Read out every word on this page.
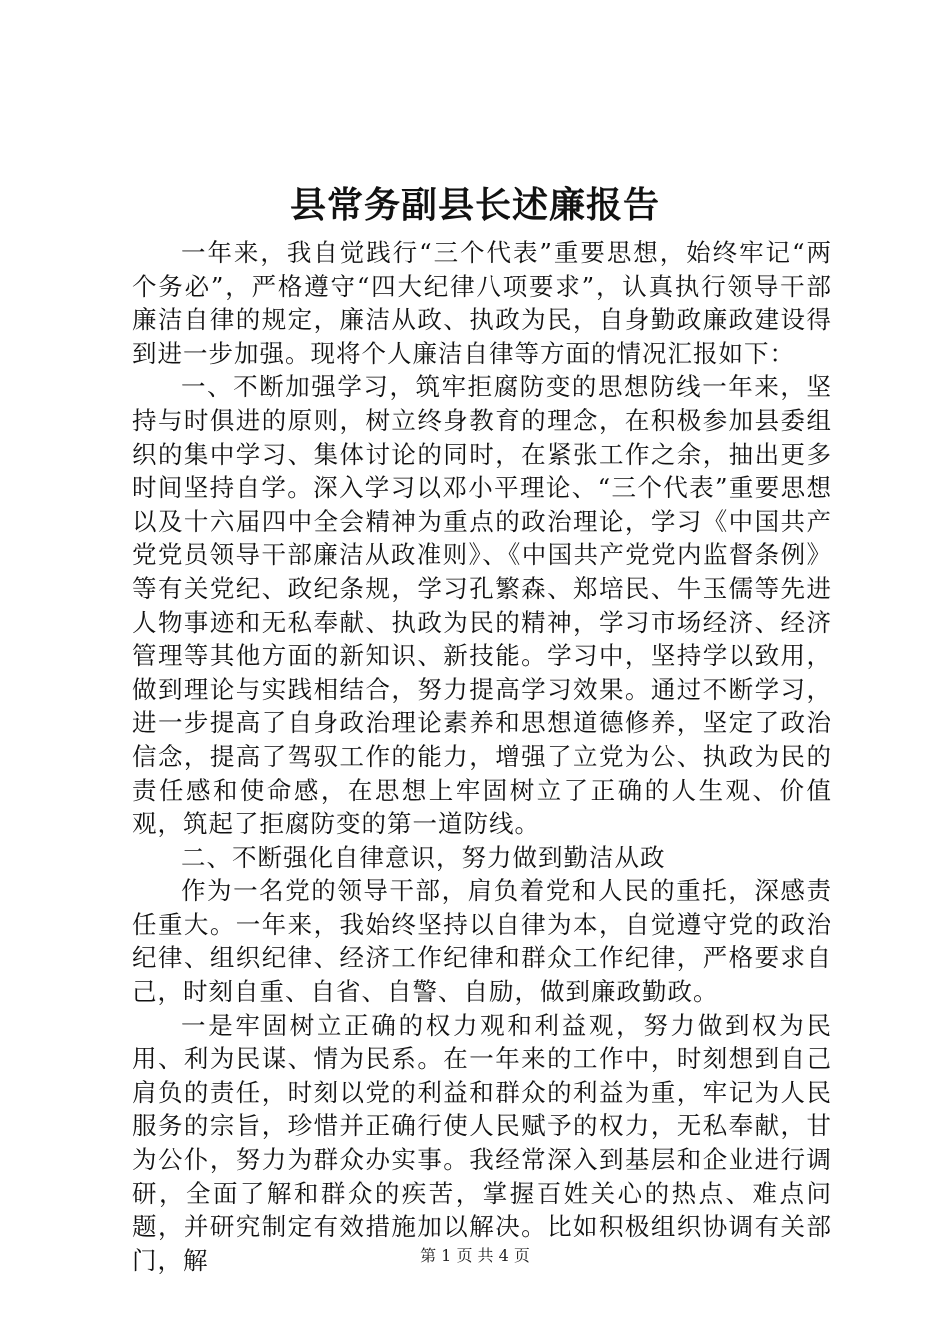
县常务副县长述廉报告

一年来，我自觉践行“三个代表”重要思想，始终牢记“两个务必”，严格遵守“四大纪律八项要求”，认真执行领导干部廉洁自律的规定，廉洁从政、执政为民，自身勤政廉政建设得到进一步加强。现将个人廉洁自律等方面的情况汇报如下：

一、不断加强学习，筑牢拒腐防变的思想防线一年来，坚持与时俱进的原则，树立终身教育的理念，在积极参加县委组织的集中学习、集体讨论的同时，在紧张工作之余，抽出更多时间坚持自学。深入学习以邓小平理论、“三个代表”重要思想以及十六届四中全会精神为重点的政治理论，学习《中国共产党党员领导干部廉洁从政准则》、《中国共产党党内监督条例》等有关党纪、政纪条规，学习孔繁森、郑培民、牛玉儒等先进人物事迹和无私奉献、执政为民的精神，学习市场经济、经济管理等其他方面的新知识、新技能。学习中，坚持学以致用，做到理论与实践相结合，努力提高学习效果。通过不断学习，进一步提高了自身政治理论素养和思想道德修养，坚定了政治信念，提高了驾驭工作的能力，增强了立党为公、执政为民的责任感和使命感，在思想上牢固树立了正确的人生观、价值观，筑起了拒腐防变的第一道防线。

二、不断强化自律意识，努力做到勤洁从政

作为一名党的领导干部，肩负着党和人民的重托，深感责任重大。一年来，我始终坚持以自律为本，自觉遵守党的政治纪律、组织纪律、经济工作纪律和群众工作纪律，严格要求自己，时刻自重、自省、自警、自励，做到廉政勤政。

一是牢固树立正确的权力观和利益观，努力做到权为民用、利为民谋、情为民系。在一年来的工作中，时刻想到自己肩负的责任，时刻以党的利益和群众的利益为重，牢记为人民服务的宗旨，珍惜并正确行使人民赋予的权力，无私奉献，甘为公仆，努力为群众办实事。我经常深入到基层和企业进行调研，全面了解和群众的疾苦，掌握百姓关心的热点、难点问题，并研究制定有效措施加以解决。比如积极组织协调有关部门，解	第 1 页 共 4 页
